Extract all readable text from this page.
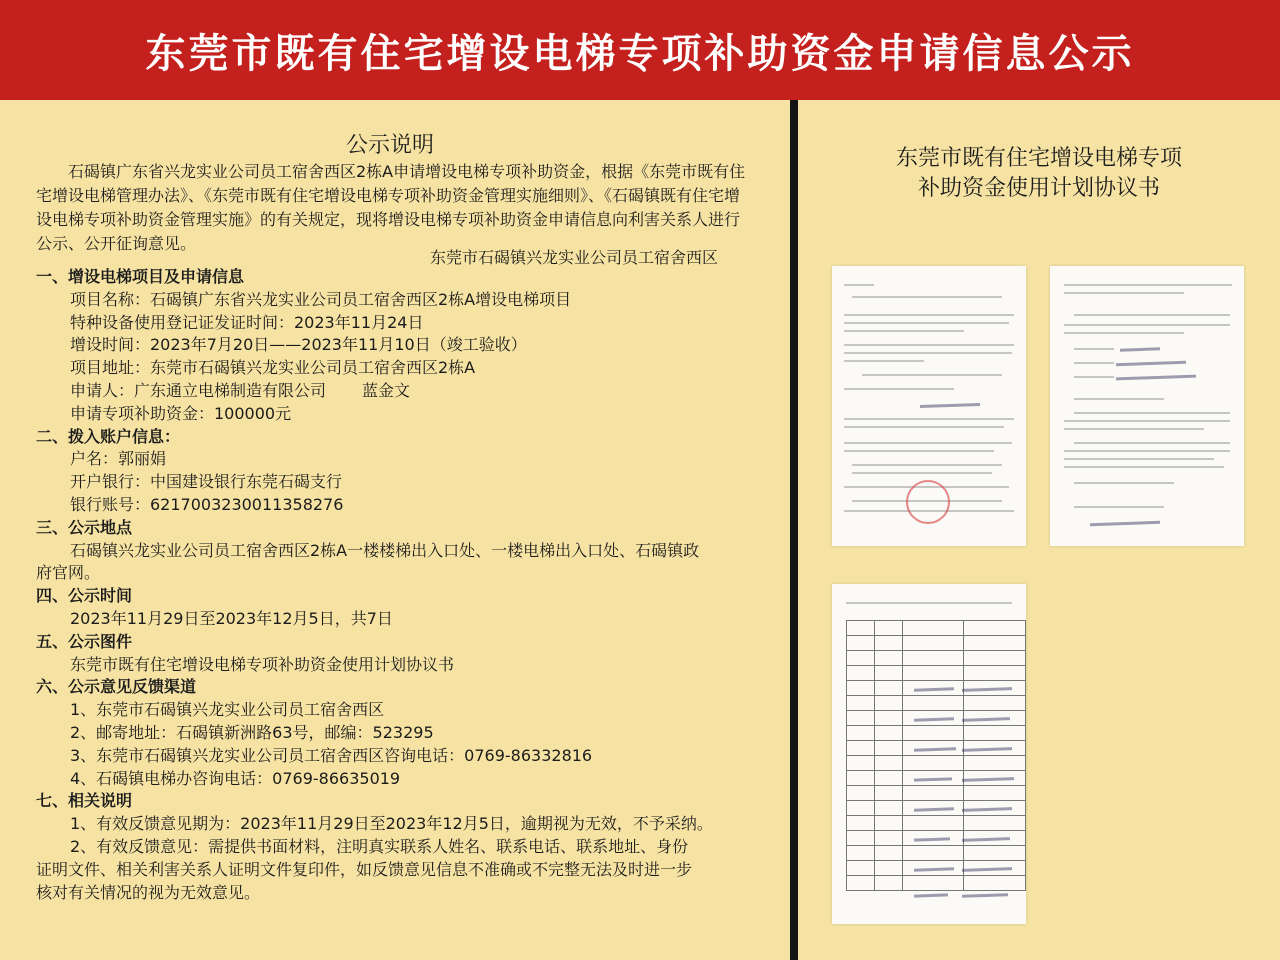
东莞市既有住宅增设电梯专项补助资金申请信息公示
公示说明
石碣镇广东省兴龙实业公司员工宿舍西区2栋A申请增设电梯专项补助资金，根据《东莞市既有住宅增设电梯管理办法》、《东莞市既有住宅增设电梯专项补助资金管理实施细则》、《石碣镇既有住宅增设电梯专项补助资金管理实施》的有关规定，现将增设电梯专项补助资金申请信息向利害关系人进行公示、公开征询意见。
东莞市石碣镇兴龙实业公司员工宿舍西区
一、增设电梯项目及申请信息
项目名称：石碣镇广东省兴龙实业公司员工宿舍西区2栋A增设电梯项目
特种设备使用登记证发证时间：2023年11月24日
增设时间：2023年7月20日——2023年11月10日（竣工验收）
项目地址：东莞市石碣镇兴龙实业公司员工宿舍西区2栋A
申请人：广东通立电梯制造有限公司 蓝金文
申请专项补助资金：100000元
二、拨入账户信息：
户名：郭丽娟
开户银行：中国建设银行东莞石碣支行
银行账号：6217003230011358276
三、公示地点
石碣镇兴龙实业公司员工宿舍西区2栋A一楼楼梯出入口处、一楼电梯出入口处、石碣镇政
府官网。
四、公示时间
2023年11月29日至2023年12月5日，共7日
五、公示图件
东莞市既有住宅增设电梯专项补助资金使用计划协议书
六、公示意见反馈渠道
1、东莞市石碣镇兴龙实业公司员工宿舍西区
2、邮寄地址：石碣镇新洲路63号，邮编：523295
3、东莞市石碣镇兴龙实业公司员工宿舍西区咨询电话：0769-86332816
4、石碣镇电梯办咨询电话：0769-86635019
七、相关说明
1、有效反馈意见期为：2023年11月29日至2023年12月5日，逾期视为无效，不予采纳。
2、有效反馈意见：需提供书面材料，注明真实联系人姓名、联系电话、联系地址、身份
证明文件、相关利害关系人证明文件复印件，如反馈意见信息不准确或不完整无法及时进一步
核对有关情况的视为无效意见。
东莞市既有住宅增设电梯专项
补助资金使用计划协议书
